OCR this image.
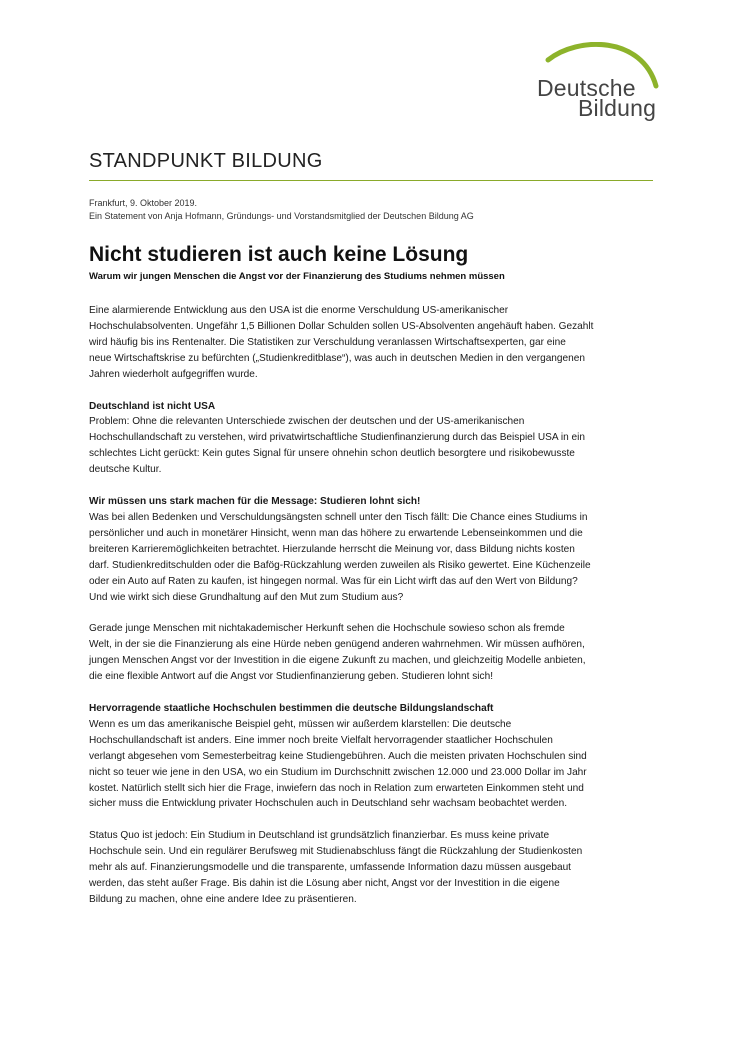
Deutsche
Bildung
STANDPUNKT BILDUNG
Frankfurt, 9. Oktober 2019.
Ein Statement von Anja Hofmann, Gründungs- und Vorstandsmitglied der Deutschen Bildung AG
Nicht studieren ist auch keine Lösung
Warum wir jungen Menschen die Angst vor der Finanzierung des Studiums nehmen müssen

Eine alarmierende Entwicklung aus den USA ist die enorme Verschuldung US-amerikanischer
Hochschulabsolventen. Ungefähr 1,5 Billionen Dollar Schulden sollen US-Absolventen angehäuft haben. Gezahlt
wird häufig bis ins Rentenalter. Die Statistiken zur Verschuldung veranlassen Wirtschaftsexperten, gar eine
neue Wirtschaftskrise zu befürchten („Studienkreditblase“), was auch in deutschen Medien in den vergangenen
Jahren wiederholt aufgegriffen wurde.

Deutschland ist nicht USA

Problem: Ohne die relevanten Unterschiede zwischen der deutschen und der US-amerikanischen
Hochschullandschaft zu verstehen, wird privatwirtschaftliche Studienfinanzierung durch das Beispiel USA in ein
schlechtes Licht gerückt: Kein gutes Signal für unsere ohnehin schon deutlich besorgtere und risikobewusste
deutsche Kultur.

Wir müssen uns stark machen für die Message: Studieren lohnt sich!

Was bei allen Bedenken und Verschuldungsängsten schnell unter den Tisch fällt: Die Chance eines Studiums in
persönlicher und auch in monetärer Hinsicht, wenn man das höhere zu erwartende Lebenseinkommen und die
breiteren Karrieremöglichkeiten betrachtet. Hierzulande herrscht die Meinung vor, dass Bildung nichts kosten
darf. Studienkreditschulden oder die Bafög-Rückzahlung werden zuweilen als Risiko gewertet. Eine Küchenzeile
oder ein Auto auf Raten zu kaufen, ist hingegen normal. Was für ein Licht wirft das auf den Wert von Bildung?
Und wie wirkt sich diese Grundhaltung auf den Mut zum Studium aus?

Gerade junge Menschen mit nichtakademischer Herkunft sehen die Hochschule sowieso schon als fremde
Welt, in der sie die Finanzierung als eine Hürde neben genügend anderen wahrnehmen. Wir müssen aufhören,
jungen Menschen Angst vor der Investition in die eigene Zukunft zu machen, und gleichzeitig Modelle anbieten,
die eine flexible Antwort auf die Angst vor Studienfinanzierung geben. Studieren lohnt sich!

Hervorragende staatliche Hochschulen bestimmen die deutsche Bildungslandschaft

Wenn es um das amerikanische Beispiel geht, müssen wir außerdem klarstellen: Die deutsche
Hochschullandschaft ist anders. Eine immer noch breite Vielfalt hervorragender staatlicher Hochschulen
verlangt abgesehen vom Semesterbeitrag keine Studiengebühren. Auch die meisten privaten Hochschulen sind
nicht so teuer wie jene in den USA, wo ein Studium im Durchschnitt zwischen 12.000 und 23.000 Dollar im Jahr
kostet. Natürlich stellt sich hier die Frage, inwiefern das noch in Relation zum erwarteten Einkommen steht und
sicher muss die Entwicklung privater Hochschulen auch in Deutschland sehr wachsam beobachtet werden.

Status Quo ist jedoch: Ein Studium in Deutschland ist grundsätzlich finanzierbar. Es muss keine private
Hochschule sein. Und ein regulärer Berufsweg mit Studienabschluss fängt die Rückzahlung der Studienkosten
mehr als auf. Finanzierungsmodelle und die transparente, umfassende Information dazu müssen ausgebaut
werden, das steht außer Frage. Bis dahin ist die Lösung aber nicht, Angst vor der Investition in die eigene
Bildung zu machen, ohne eine andere Idee zu präsentieren.
